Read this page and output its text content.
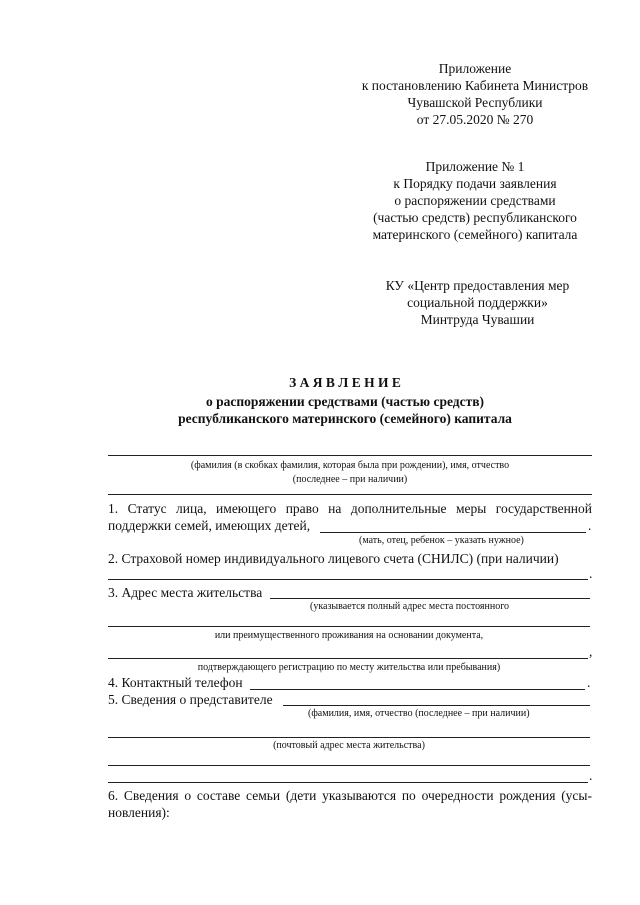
Приложение
к постановлению Кабинета Министров
Чувашской Республики
от 27.05.2020 № 270
Приложение № 1
к Порядку подачи заявления
о распоряжении средствами
(частью средств) республиканского
материнского (семейного) капитала
КУ «Центр предоставления мер
социальной поддержки»
Минтруда Чувашии
З А Я В Л Е Н И Е
о распоряжении средствами (частью средств)
республиканского материнского (семейного) капитала
(фамилия (в скобках фамилия, которая была при рождении), имя, отчество
(последнее – при наличии)
1. Статус лица, имеющего право на дополнительные меры государственной
поддержки семей, имеющих детей,	.
(мать, отец, ребенок – указать нужное)
2. Страховой номер индивидуального лицевого счета (СНИЛС) (при наличии)
.
3. Адрес места жительства
(указывается полный адрес места постоянного
или преимущественного проживания на основании документа,
,
подтверждающего регистрацию по месту жительства или пребывания)
4. Контактный телефон	.
5. Сведения о представителе
(фамилия, имя, отчество (последнее – при наличии)
(почтовый адрес места жительства)
.
6. Сведения о составе семьи (дети указываются по очередности рождения (усы-
новления):
